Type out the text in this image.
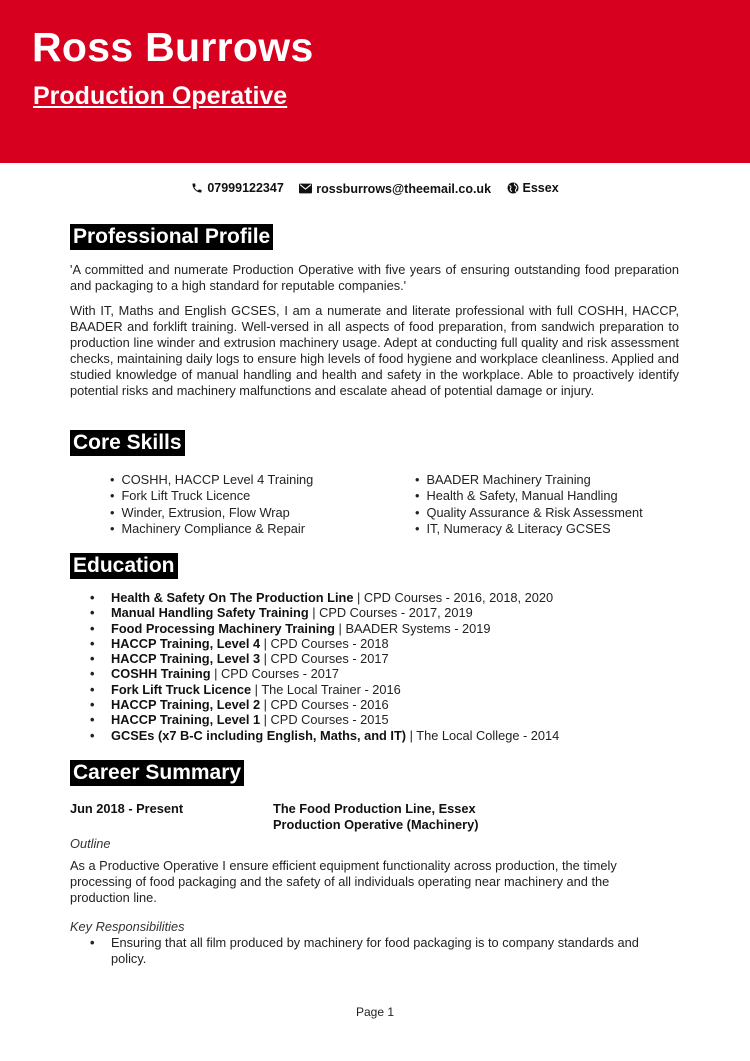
Ross Burrows
Production Operative
07999122347
	rossburrows@theemail.co.uk
	Essex
Professional Profile

'A committed and numerate Production Operative with five years of ensuring outstanding food preparation and packaging to a high standard for reputable companies.'

With IT, Maths and English GCSES, I am a numerate and literate professional with full COSHH, HACCP, BAADER and forklift training. Well-versed in all aspects of food preparation, from sandwich preparation to production line winder and extrusion machinery usage. Adept at conducting full quality and risk assessment checks, maintaining daily logs to ensure high levels of food hygiene and workplace cleanliness. Applied and studied knowledge of manual handling and health and safety in the workplace. Able to proactively identify potential risks and machinery malfunctions and escalate ahead of potential damage or injury.

Core Skills
• COSHH, HACCP Level 4 Training
• Fork Lift Truck Licence
• Winder, Extrusion, Flow Wrap
• Machinery Compliance & Repair
• BAADER Machinery Training
• Health & Safety, Manual Handling
• Quality Assurance & Risk Assessment
• IT, Numeracy & Literacy GCSES
Education
• Health & Safety On The Production Line | CPD Courses - 2016, 2018, 2020
• Manual Handling Safety Training | CPD Courses - 2017, 2019
• Food Processing Machinery Training | BAADER Systems - 2019
• HACCP Training, Level 4 | CPD Courses - 2018
• HACCP Training, Level 3 | CPD Courses - 2017
• COSHH Training | CPD Courses - 2017
• Fork Lift Truck Licence | The Local Trainer - 2016
• HACCP Training, Level 2 | CPD Courses - 2016
• HACCP Training, Level 1 | CPD Courses - 2015
• GCSEs (x7 B-C including English, Maths, and IT) | The Local College - 2014
Career Summary
Jun 2018 - Present	The Food Production Line, Essex
Production Operative (Machinery)
Outline

As a Productive Operative I ensure efficient equipment functionality across production, the timely processing of food packaging and the safety of all individuals operating near machinery and the production line.

Key Responsibilities
• Ensuring that all film produced by machinery for food packaging is to company standards and policy.
Page 1
